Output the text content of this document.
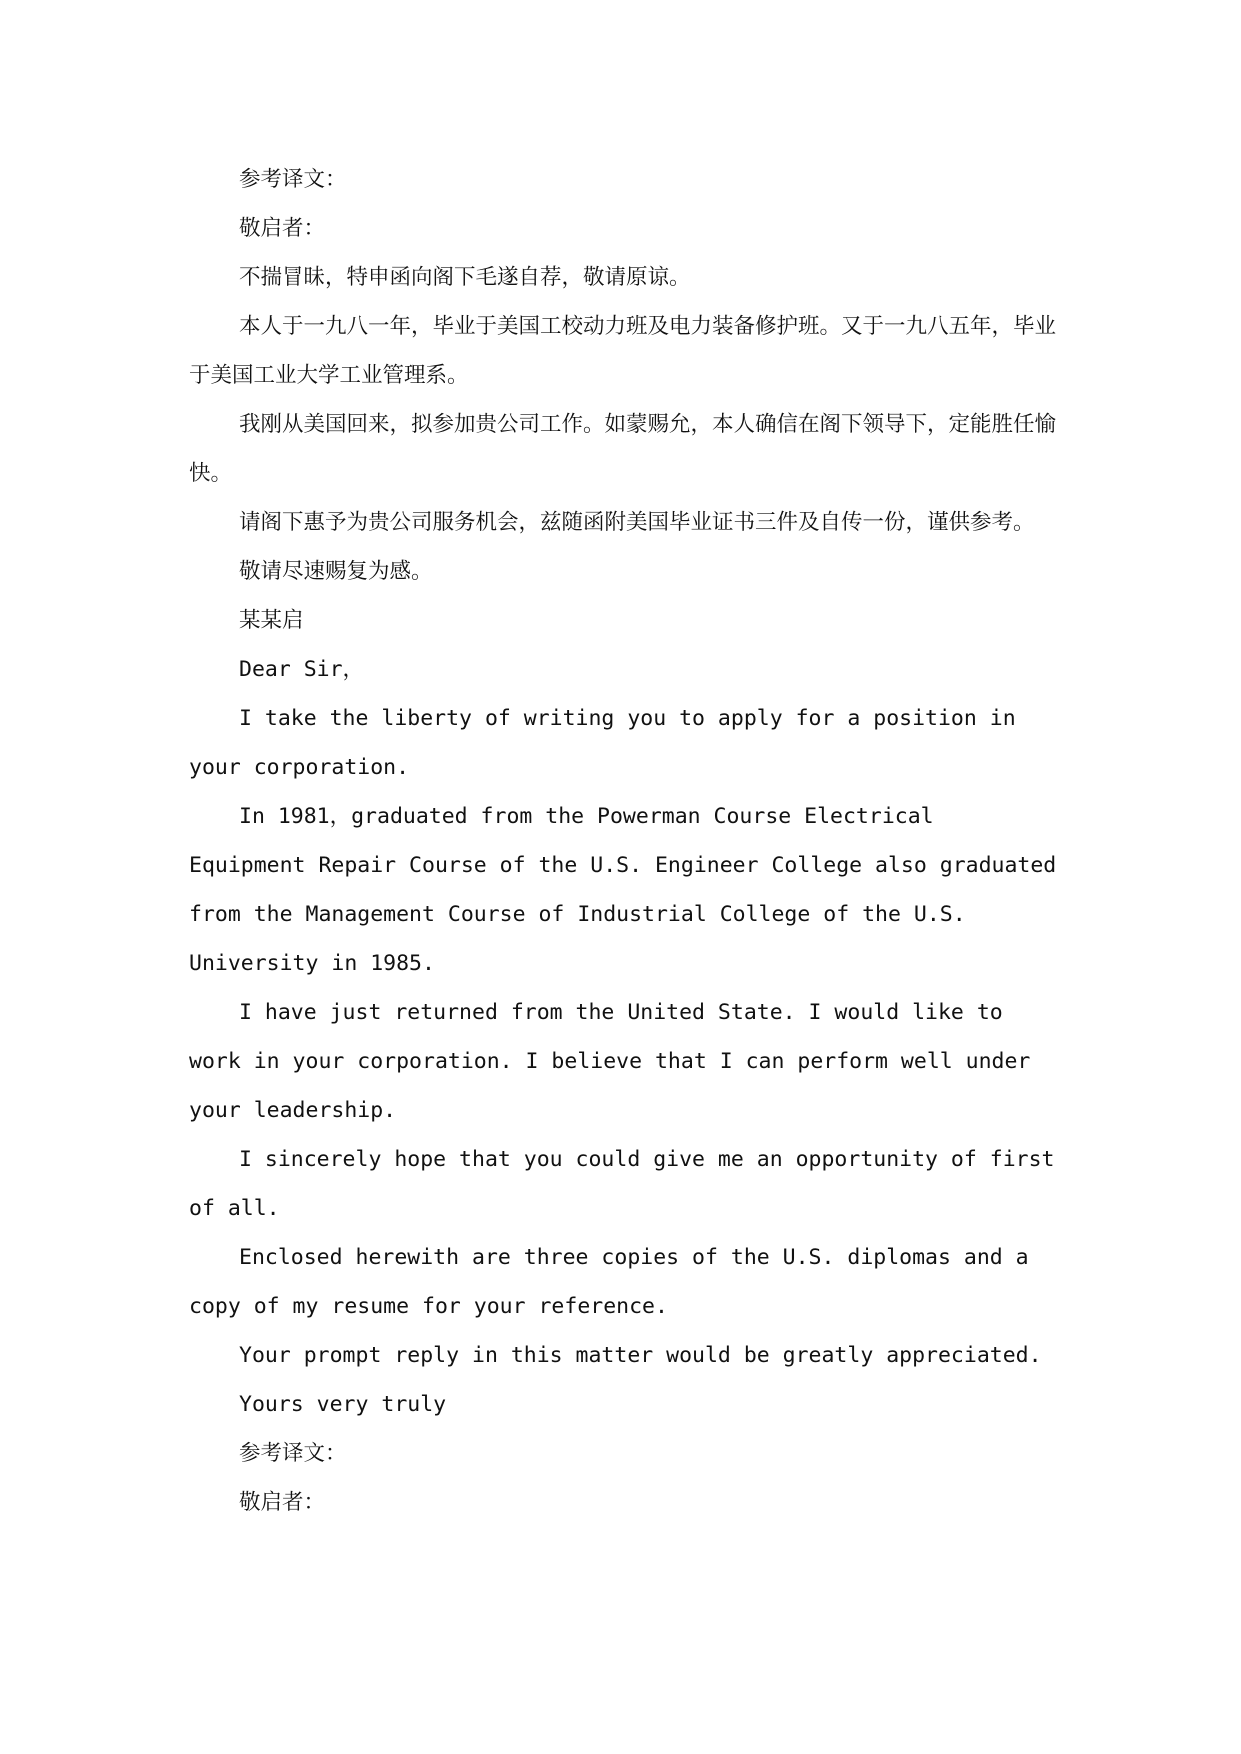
参考译文：

敬启者：

不揣冒昧，特申函向阁下毛遂自荐，敬请原谅。

本人于一九八一年，毕业于美国工校动力班及电力装备修护班。又于一九八五年，毕业于美国工业大学工业管理系。

我刚从美国回来，拟参加贵公司工作。如蒙赐允，本人确信在阁下领导下，定能胜任愉快。

请阁下惠予为贵公司服务机会，兹随函附美国毕业证书三件及自传一份，谨供参考。

敬请尽速赐复为感。

某某启

Dear Sir，

I take the liberty of writing you to apply for a position in your corporation.

In 1981，graduated from the Powerman Course Electrical Equipment Repair Course of the U.S. Engineer College also graduated from the Management Course of Industrial College of the U.S. University in 1985.

I have just returned from the United State. I would like to work in your corporation. I believe that I can perform well under your leadership.

I sincerely hope that you could give me an opportunity of first of all.

Enclosed herewith are three copies of the U.S. diplomas and a copy of my resume for your reference.

Your prompt reply in this matter would be greatly appreciated.

Yours very truly

参考译文：

敬启者：
